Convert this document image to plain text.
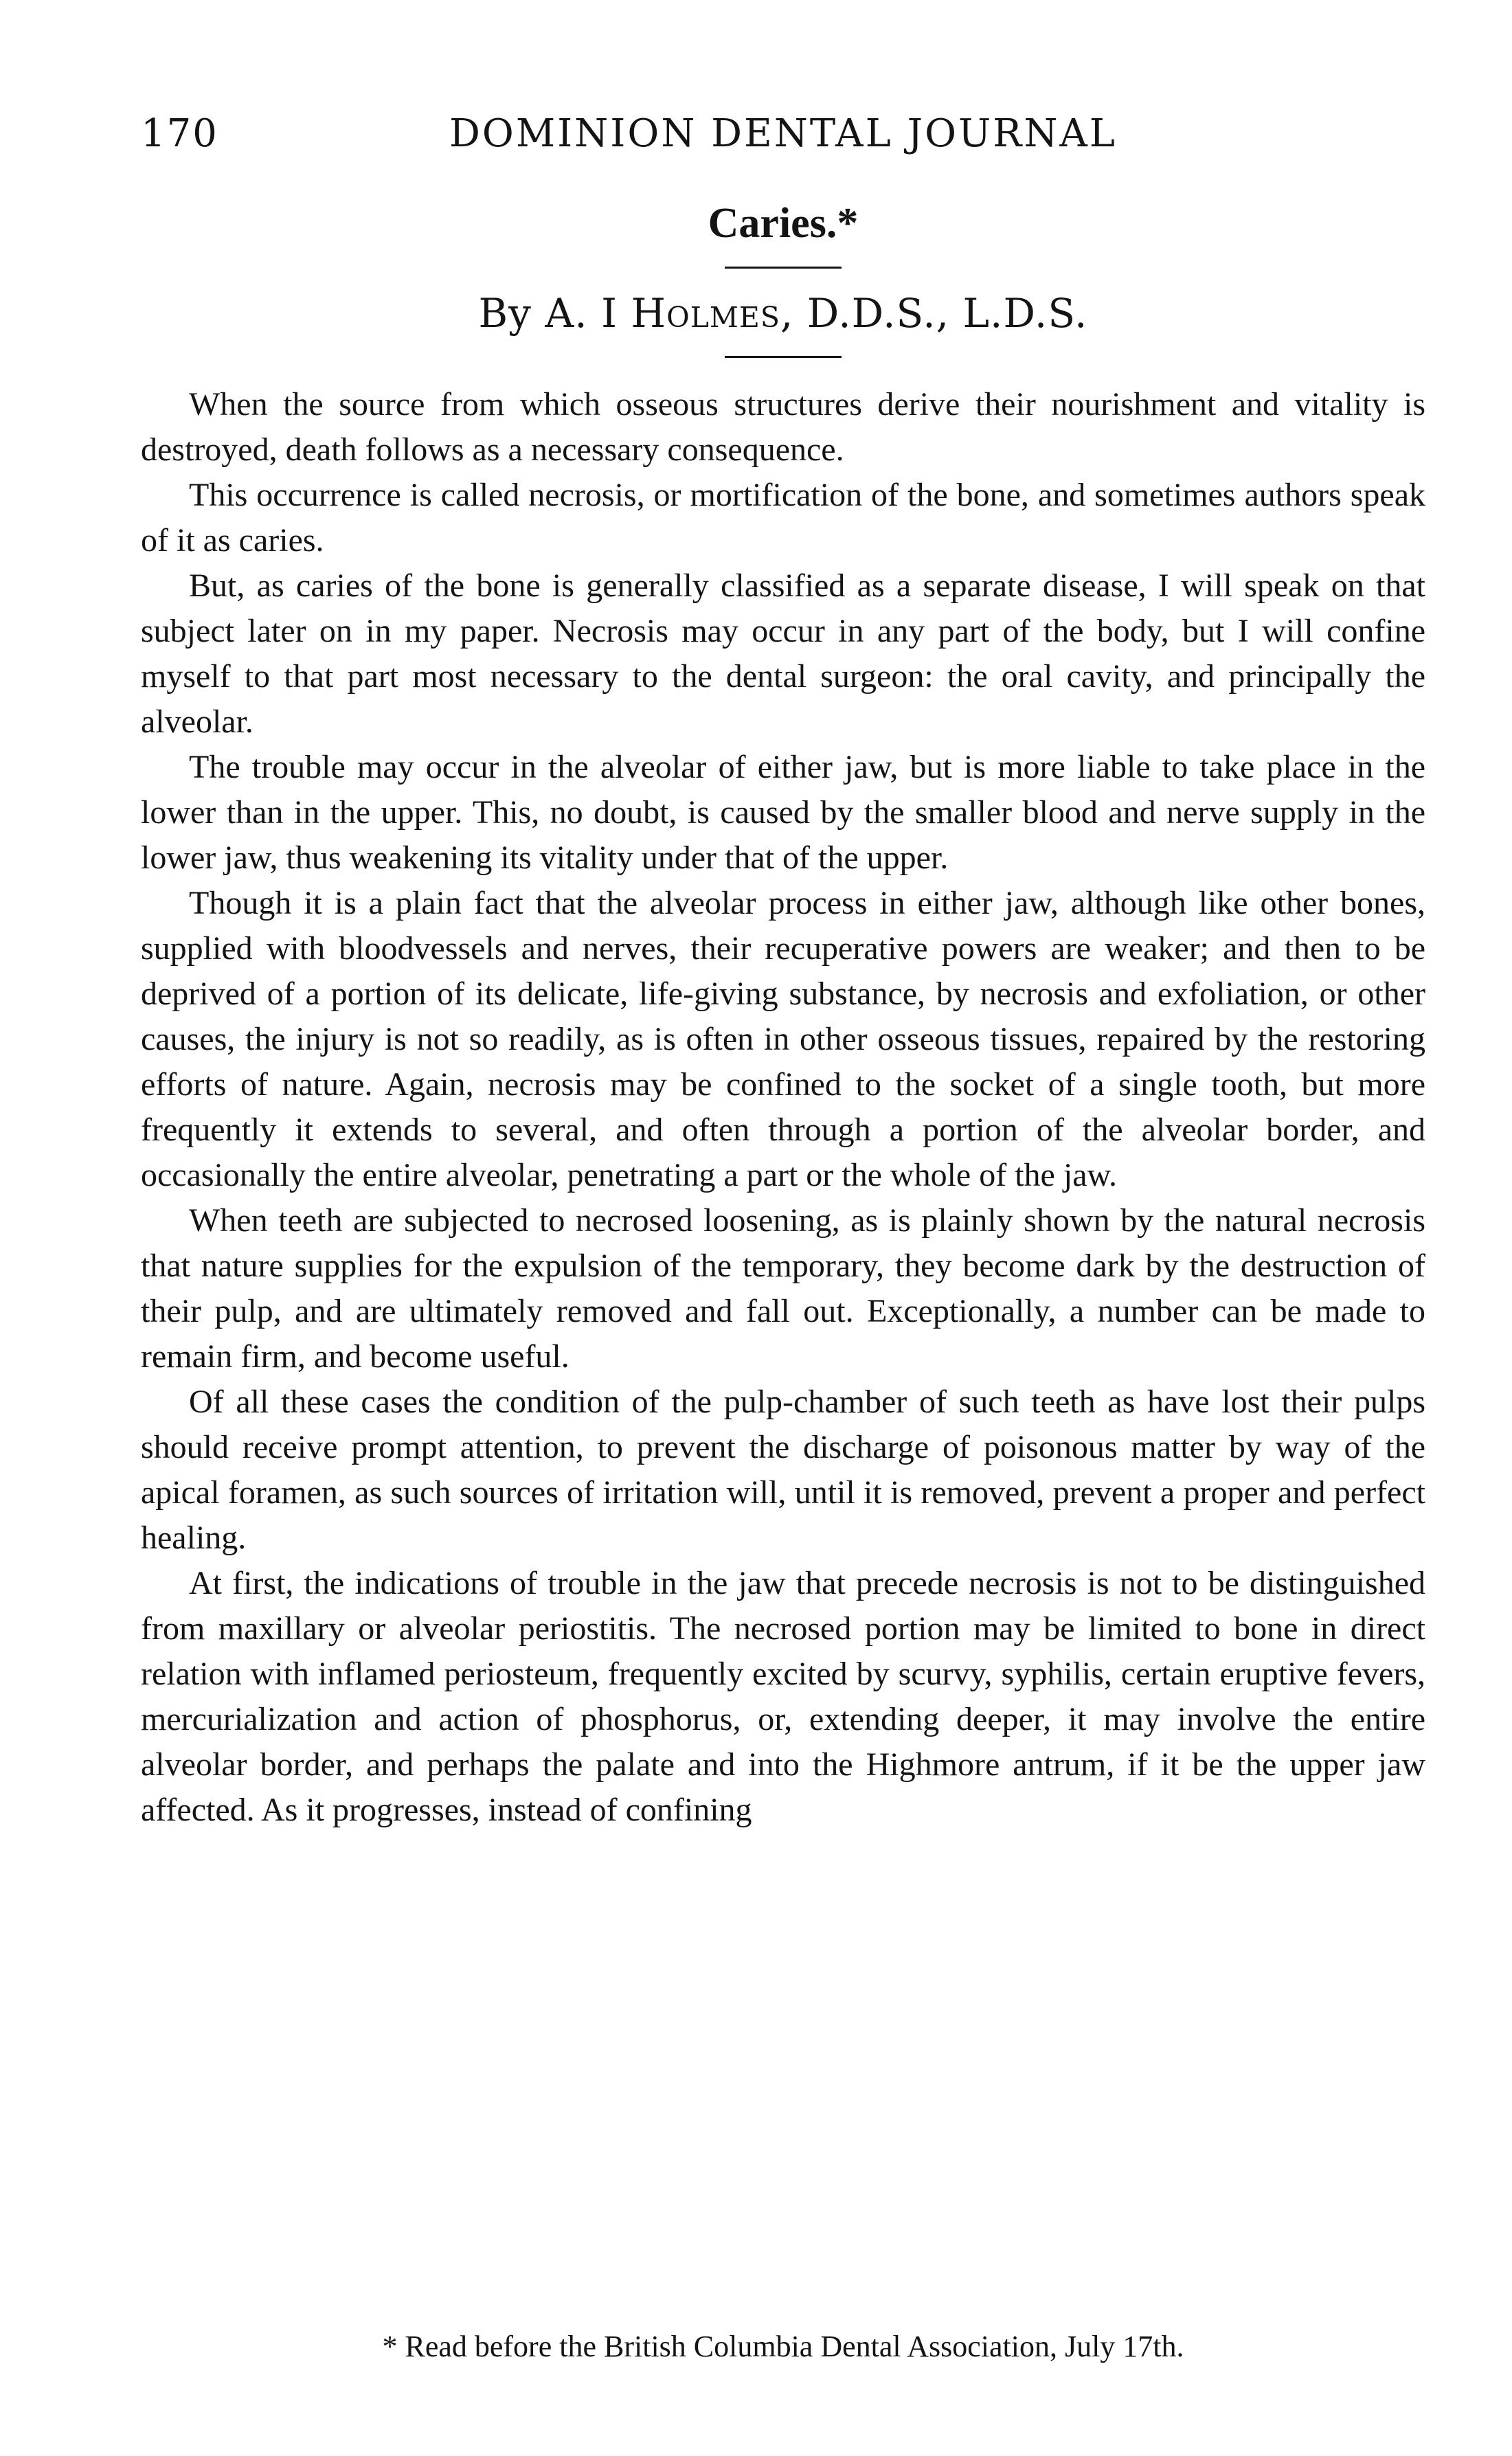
170	DOMINION DENTAL JOURNAL
Caries.*
By A. I Holmes, D.D.S., L.D.S.

When the source from which osseous structures derive their nourishment and vitality is destroyed, death follows as a necessary consequence.

This occurrence is called necrosis, or mortification of the bone, and sometimes authors speak of it as caries.

But, as caries of the bone is generally classified as a separate disease, I will speak on that subject later on in my paper. Necrosis may occur in any part of the body, but I will confine myself to that part most necessary to the dental surgeon: the oral cavity, and principally the alveolar.

The trouble may occur in the alveolar of either jaw, but is more liable to take place in the lower than in the upper. This, no doubt, is caused by the smaller blood and nerve supply in the lower jaw, thus weakening its vitality under that of the upper.

Though it is a plain fact that the alveolar process in either jaw, although like other bones, supplied with bloodvessels and nerves, their recuperative powers are weaker; and then to be deprived of a portion of its delicate, life-giving substance, by necrosis and exfoliation, or other causes, the injury is not so readily, as is often in other osseous tissues, repaired by the restoring efforts of nature. Again, necrosis may be confined to the socket of a single tooth, but more frequently it extends to several, and often through a portion of the alveolar border, and occasionally the entire alveolar, penetrating a part or the whole of the jaw.

When teeth are subjected to necrosed loosening, as is plainly shown by the natural necrosis that nature supplies for the expulsion of the temporary, they become dark by the destruction of their pulp, and are ultimately removed and fall out. Exceptionally, a number can be made to remain firm, and become useful.

Of all these cases the condition of the pulp-chamber of such teeth as have lost their pulps should receive prompt attention, to prevent the discharge of poisonous matter by way of the apical foramen, as such sources of irritation will, until it is removed, prevent a proper and perfect healing.

At first, the indications of trouble in the jaw that precede necrosis is not to be distinguished from maxillary or alveolar periostitis. The necrosed portion may be limited to bone in direct relation with inflamed periosteum, frequently excited by scurvy, syphilis, certain eruptive fevers, mercurialization and action of phosphorus, or, extending deeper, it may involve the entire alveolar border, and perhaps the palate and into the Highmore antrum, if it be the upper jaw affected. As it progresses, instead of confining

* Read before the British Columbia Dental Association, July 17th.
